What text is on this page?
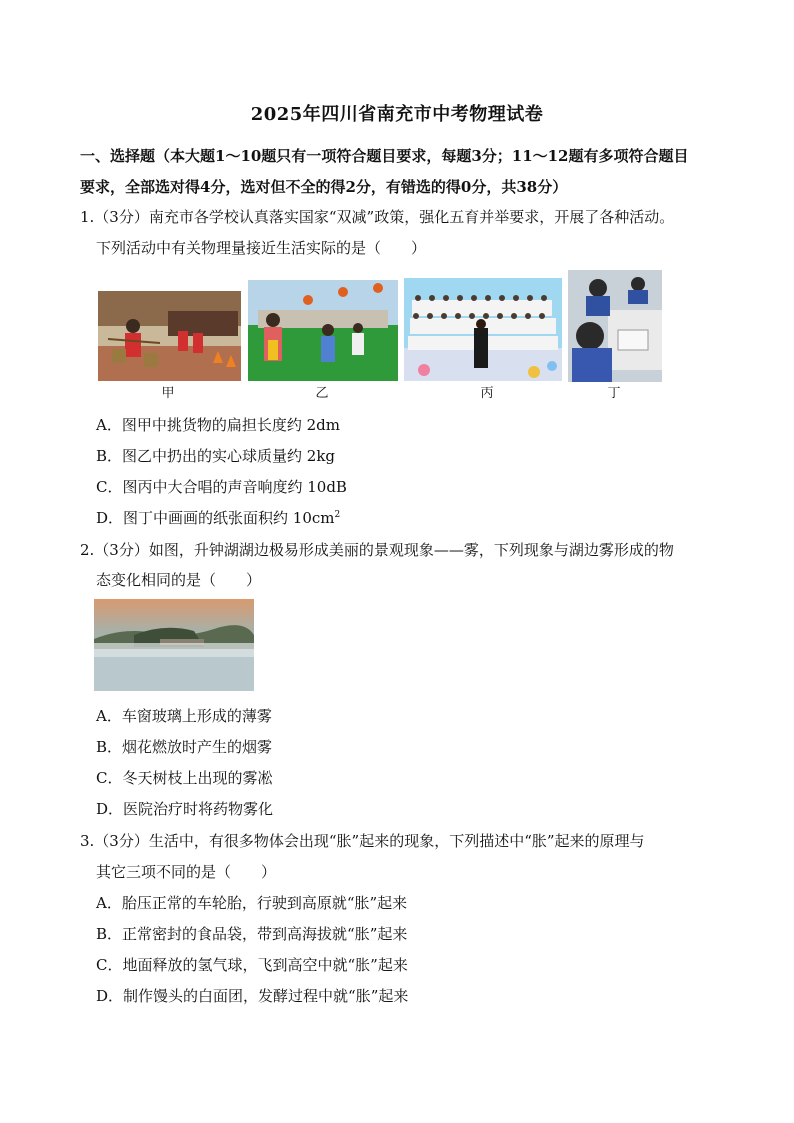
2025年四川省南充市中考物理试卷
一、选择题（本大题1～10题只有一项符合题目要求，每题3分；11～12题有多项符合题目
要求，全部选对得4分，选对但不全的得2分，有错选的得0分，共38分）
1.（3分）南充市各学校认真落实国家“双减”政策，强化五育并举要求，开展了各种活动。
下列活动中有关物理量接近生活实际的是（　　）
甲	乙	丙	丁
A．图甲中挑货物的扁担长度约 2dm
B．图乙中扔出的实心球质量约 2kg
C．图丙中大合唱的声音响度约 10dB
D．图丁中画画的纸张面积约 $10cm^2$
2.（3分）如图，升钟湖湖边极易形成美丽的景观现象——雾，下列现象与湖边雾形成的物
态变化相同的是（　　）
A．车窗玻璃上形成的薄雾
B．烟花燃放时产生的烟雾
C．冬天树枝上出现的雾凇
D．医院治疗时将药物雾化
3.（3分）生活中，有很多物体会出现“胀”起来的现象，下列描述中“胀”起来的原理与
其它三项不同的是（　　）
A．胎压正常的车轮胎，行驶到高原就“胀”起来
B．正常密封的食品袋，带到高海拔就“胀”起来
C．地面释放的氢气球，飞到高空中就“胀”起来
D．制作馒头的白面团，发酵过程中就“胀”起来
